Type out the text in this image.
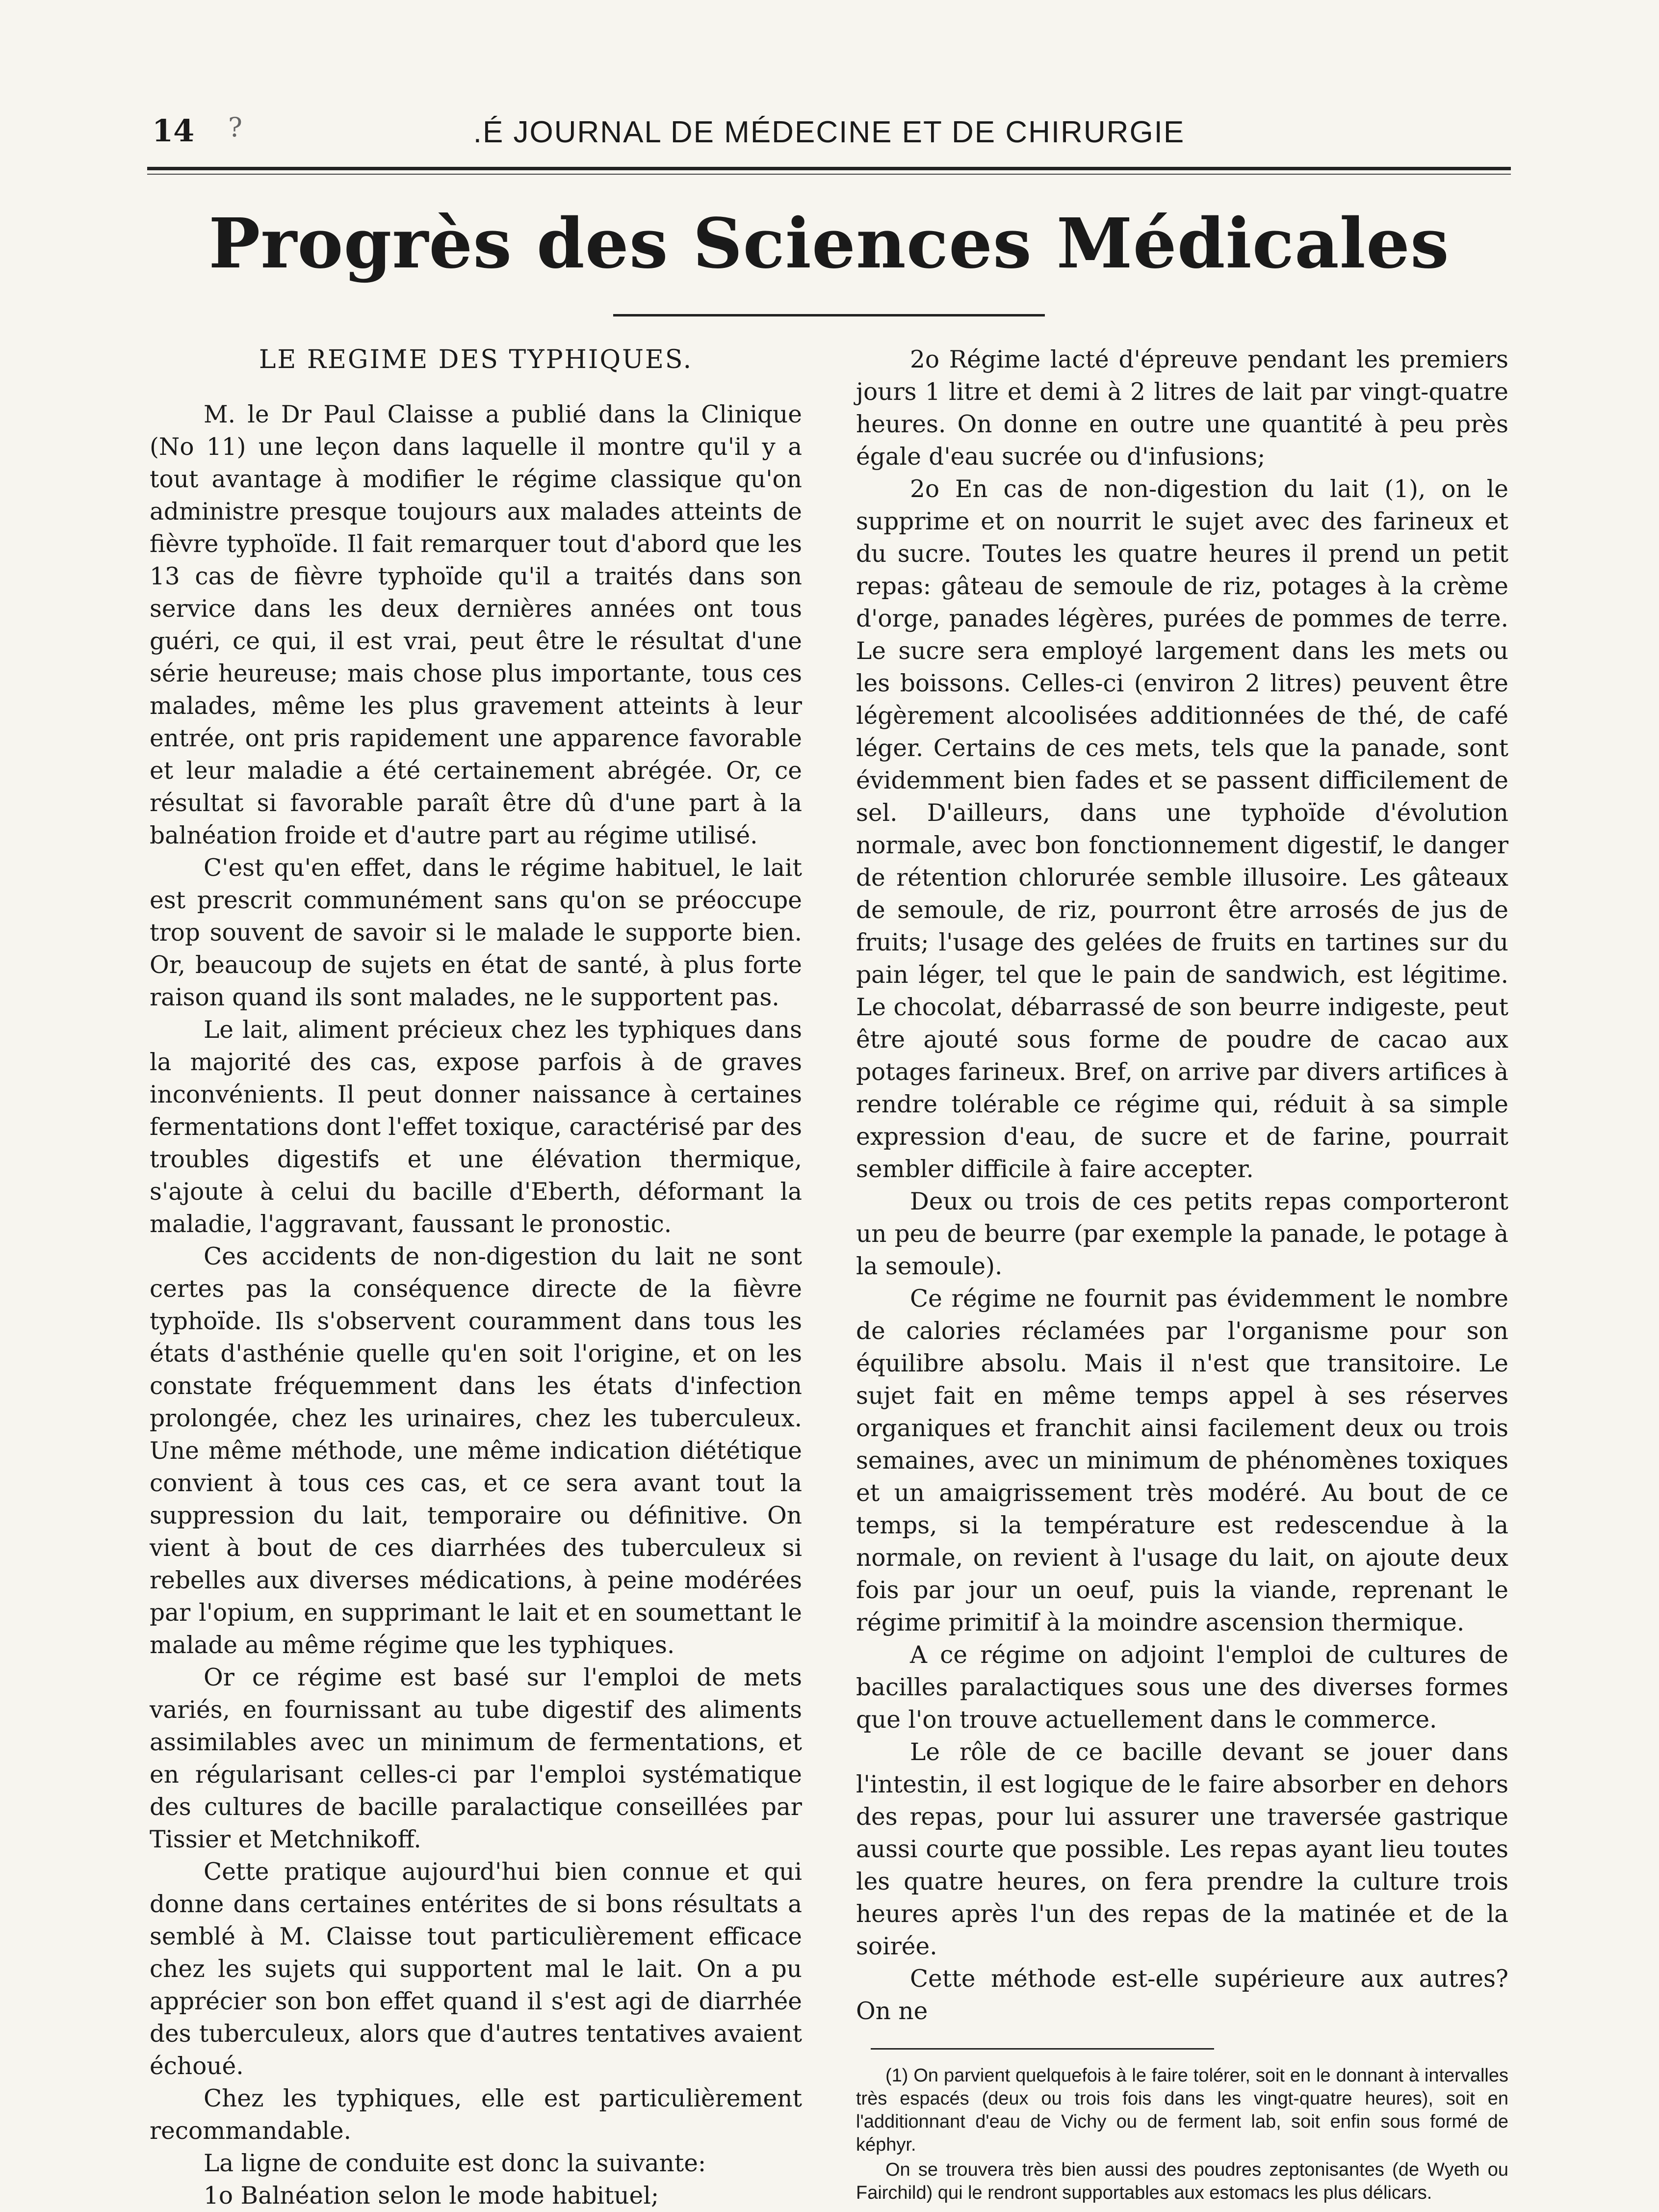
14 ?	.É JOURNAL DE MÉDECINE ET DE CHIRURGIE
Progrès des Sciences Médicales
LE REGIME DES TYPHIQUES.

M. le Dr Paul Claisse a publié dans la Clinique (No 11) une leçon dans laquelle il montre qu'il y a tout avantage à modifier le régime classique qu'on administre presque toujours aux malades atteints de fièvre typhoïde. Il fait remarquer tout d'abord que les 13 cas de fièvre typhoïde qu'il a traités dans son service dans les deux dernières années ont tous guéri, ce qui, il est vrai, peut être le résultat d'une série heureuse; mais chose plus importante, tous ces malades, même les plus gravement atteints à leur entrée, ont pris rapidement une apparence favorable et leur maladie a été certainement abrégée. Or, ce résultat si favorable paraît être dû d'une part à la balnéation froide et d'autre part au régime utilisé.

C'est qu'en effet, dans le régime habituel, le lait est prescrit communément sans qu'on se préoccupe trop souvent de savoir si le malade le supporte bien. Or, beaucoup de sujets en état de santé, à plus forte raison quand ils sont malades, ne le supportent pas.

Le lait, aliment précieux chez les typhiques dans la majorité des cas, expose parfois à de graves inconvénients. Il peut donner naissance à certaines fermentations dont l'effet toxique, caractérisé par des troubles digestifs et une élévation thermique, s'ajoute à celui du bacille d'Eberth, déformant la maladie, l'aggravant, faussant le pronostic.

Ces accidents de non-digestion du lait ne sont certes pas la conséquence directe de la fièvre typhoïde. Ils s'observent couramment dans tous les états d'asthénie quelle qu'en soit l'origine, et on les constate fréquemment dans les états d'infection prolongée, chez les urinaires, chez les tuberculeux. Une même méthode, une même indication diététique convient à tous ces cas, et ce sera avant tout la suppression du lait, temporaire ou définitive. On vient à bout de ces diarrhées des tuberculeux si rebelles aux diverses médications, à peine modérées par l'opium, en supprimant le lait et en soumettant le malade au même régime que les typhiques.

Or ce régime est basé sur l'emploi de mets variés, en fournissant au tube digestif des aliments assimilables avec un minimum de fermentations, et en régularisant celles-ci par l'emploi systématique des cultures de bacille paralactique conseillées par Tissier et Metchnikoff.

Cette pratique aujourd'hui bien connue et qui donne dans certaines entérites de si bons résultats a semblé à M. Claisse tout particulièrement efficace chez les sujets qui supportent mal le lait. On a pu apprécier son bon effet quand il s'est agi de diarrhée des tuberculeux, alors que d'autres tentatives avaient échoué.

Chez les typhiques, elle est particulièrement recommandable.

La ligne de conduite est donc la suivante:

1o Balnéation selon le mode habituel;

2o Régime lacté d'épreuve pendant les premiers jours 1 litre et demi à 2 litres de lait par vingt-quatre heures. On donne en outre une quantité à peu près égale d'eau sucrée ou d'infusions;

2o En cas de non-digestion du lait (1), on le supprime et on nourrit le sujet avec des farineux et du sucre. Toutes les quatre heures il prend un petit repas: gâteau de semoule de riz, potages à la crème d'orge, panades légères, purées de pommes de terre. Le sucre sera employé largement dans les mets ou les boissons. Celles-ci (environ 2 litres) peuvent être légèrement alcoolisées additionnées de thé, de café léger. Certains de ces mets, tels que la panade, sont évidemment bien fades et se passent difficilement de sel. D'ailleurs, dans une typhoïde d'évolution normale, avec bon fonctionnement digestif, le danger de rétention chlorurée semble illusoire. Les gâteaux de semoule, de riz, pourront être arrosés de jus de fruits; l'usage des gelées de fruits en tartines sur du pain léger, tel que le pain de sandwich, est légitime. Le chocolat, débarrassé de son beurre indigeste, peut être ajouté sous forme de poudre de cacao aux potages farineux. Bref, on arrive par divers artifices à rendre tolérable ce régime qui, réduit à sa simple expression d'eau, de sucre et de farine, pourrait sembler difficile à faire accepter.

Deux ou trois de ces petits repas comporteront un peu de beurre (par exemple la panade, le potage à la semoule).

Ce régime ne fournit pas évidemment le nombre de calories réclamées par l'organisme pour son équilibre absolu. Mais il n'est que transitoire. Le sujet fait en même temps appel à ses réserves organiques et franchit ainsi facilement deux ou trois semaines, avec un minimum de phénomènes toxiques et un amaigrissement très modéré. Au bout de ce temps, si la température est redescendue à la normale, on revient à l'usage du lait, on ajoute deux fois par jour un oeuf, puis la viande, reprenant le régime primitif à la moindre ascension thermique.

A ce régime on adjoint l'emploi de cultures de bacilles paralactiques sous une des diverses formes que l'on trouve actuellement dans le commerce.

Le rôle de ce bacille devant se jouer dans l'intestin, il est logique de le faire absorber en dehors des repas, pour lui assurer une traversée gastrique aussi courte que possible. Les repas ayant lieu toutes les quatre heures, on fera prendre la culture trois heures après l'un des repas de la matinée et de la soirée.

Cette méthode est-elle supérieure aux autres? On ne

(1) On parvient quelquefois à le faire tolérer, soit en le donnant à intervalles très espacés (deux ou trois fois dans les vingt-quatre heures), soit en l'additionnant d'eau de Vichy ou de ferment lab, soit enfin sous formé de képhyr.

On se trouvera très bien aussi des poudres zeptonisantes (de Wyeth ou Fairchild) qui le rendront supportables aux estomacs les plus délicars.
